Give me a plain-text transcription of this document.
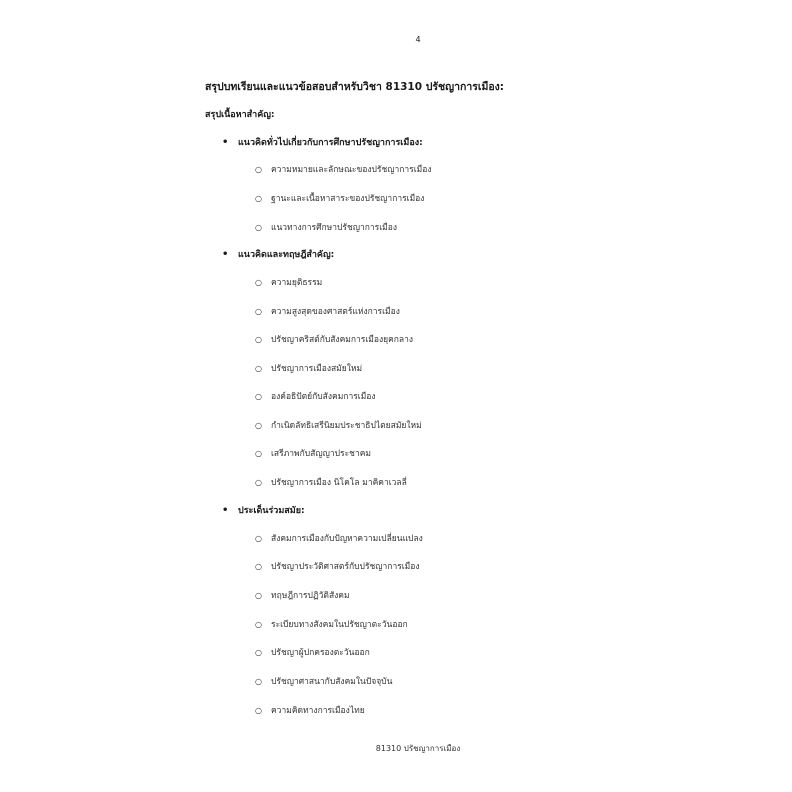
4
สรุปบทเรียนและแนวข้อสอบสำหรับวิชา 81310 ปรัชญาการเมือง:
สรุปเนื้อหาสำคัญ:
• แนวคิดทั่วไปเกี่ยวกับการศึกษาปรัชญาการเมือง:
○ ความหมายและลักษณะของปรัชญาการเมือง
○ ฐานะและเนื้อหาสาระของปรัชญาการเมือง
○ แนวทางการศึกษาปรัชญาการเมือง
• แนวคิดและทฤษฎีสำคัญ:
○ ความยุติธรรม
○ ความสูงสุดของศาสตร์แห่งการเมือง
○ ปรัชญาคริสต์กับสังคมการเมืองยุคกลาง
○ ปรัชญาการเมืองสมัยใหม่
○ องค์อธิปัตย์กับสังคมการเมือง
○ กำเนิดลัทธิเสรีนิยมประชาธิปไตยสมัยใหม่
○ เสรีภาพกับสัญญาประชาคม
○ ปรัชญาการเมือง นิโคโล มาคิคาเวลลี่
• ประเด็นร่วมสมัย:
○ สังคมการเมืองกับปัญหาความเปลี่ยนแปลง
○ ปรัชญาประวัติศาสตร์กับปรัชญาการเมือง
○ ทฤษฎีการปฏิวัติสังคม
○ ระเบียบทางสังคมในปรัชญาตะวันออก
○ ปรัชญาผู้ปกครองตะวันออก
○ ปรัชญาศาสนากับสังคมในปัจจุบัน
○ ความคิดทางการเมืองไทย
81310 ปรัชญาการเมือง
